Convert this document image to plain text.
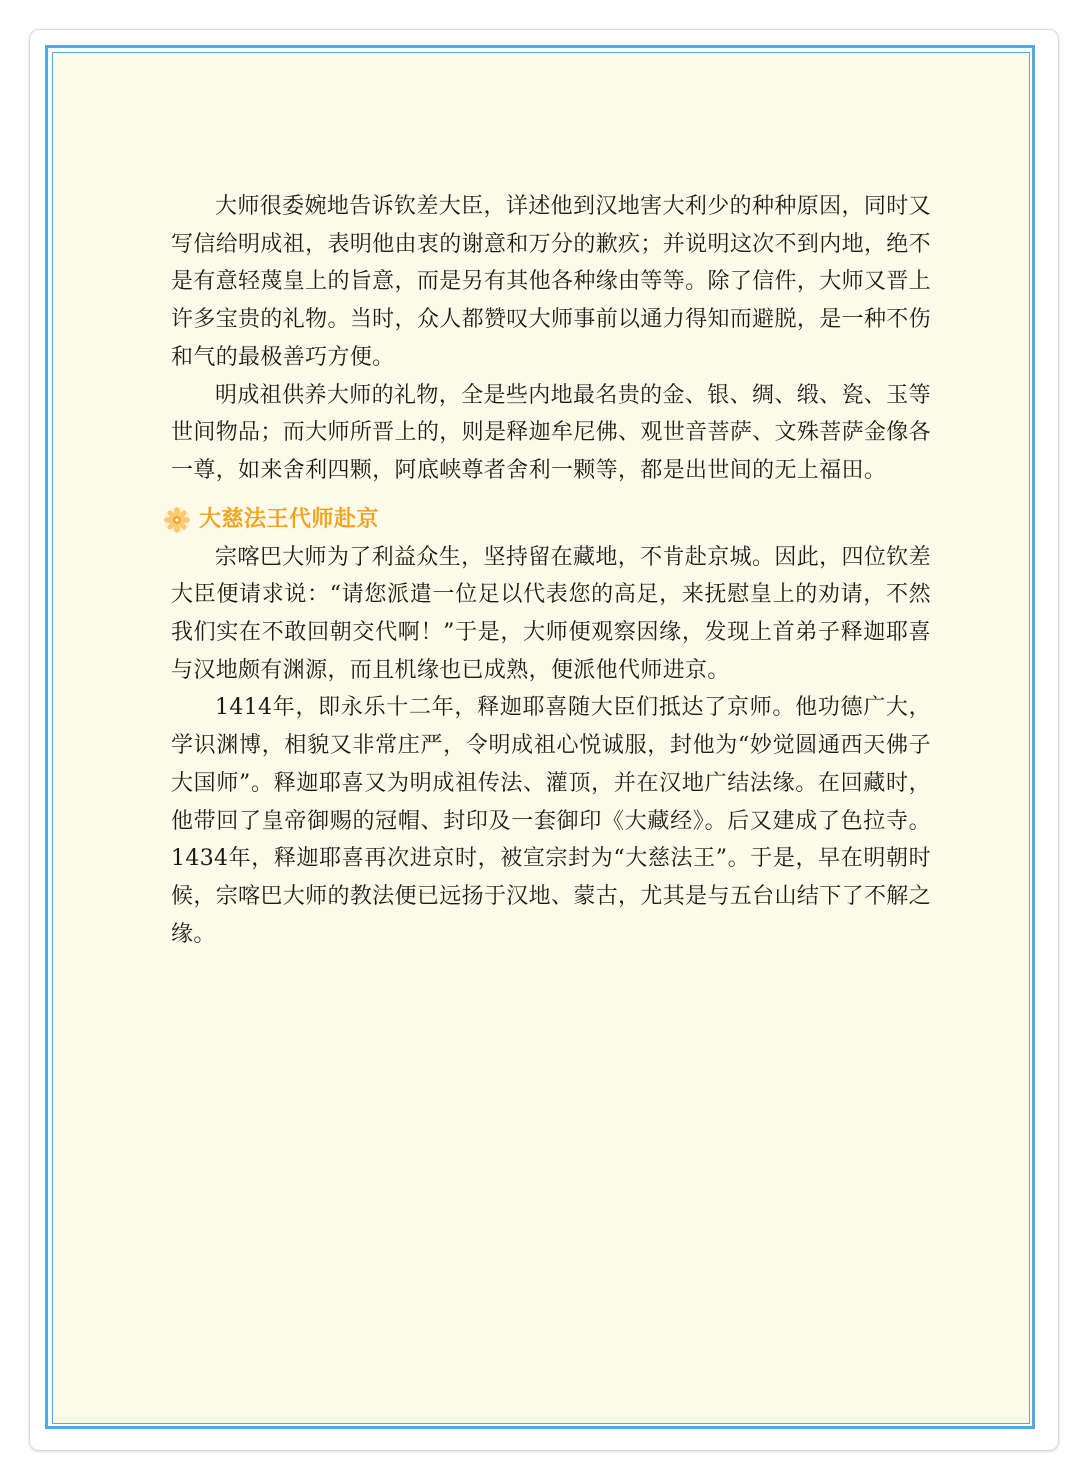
大师很委婉地告诉钦差大臣，详述他到汉地害大利少的种种原因，同时又写信给明成祖，表明他由衷的谢意和万分的歉疚；并说明这次不到内地，绝不是有意轻蔑皇上的旨意，而是另有其他各种缘由等等。除了信件，大师又晋上许多宝贵的礼物。当时，众人都赞叹大师事前以通力得知而避脱，是一种不伤和气的最极善巧方便。

明成祖供养大师的礼物，全是些内地最名贵的金、银、绸、缎、瓷、玉等世间物品；而大师所晋上的，则是释迦牟尼佛、观世音菩萨、文殊菩萨金像各一尊，如来舍利四颗，阿底峡尊者舍利一颗等，都是出世间的无上福田。

大慈法王代师赴京

宗喀巴大师为了利益众生，坚持留在藏地，不肯赴京城。因此，四位钦差大臣便请求说：“请您派遣一位足以代表您的高足，来抚慰皇上的劝请，不然我们实在不敢回朝交代啊！”于是，大师便观察因缘，发现上首弟子释迦耶喜与汉地颇有渊源，而且机缘也已成熟，便派他代师进京。

1414年，即永乐十二年，释迦耶喜随大臣们抵达了京师。他功德广大，学识渊博，相貌又非常庄严，令明成祖心悦诚服，封他为“妙觉圆通西天佛子大国师”。释迦耶喜又为明成祖传法、灌顶，并在汉地广结法缘。在回藏时，他带回了皇帝御赐的冠帽、封印及一套御印《大藏经》。后又建成了色拉寺。1434年，释迦耶喜再次进京时，被宣宗封为“大慈法王”。于是，早在明朝时候，宗喀巴大师的教法便已远扬于汉地、蒙古，尤其是与五台山结下了不解之缘。
